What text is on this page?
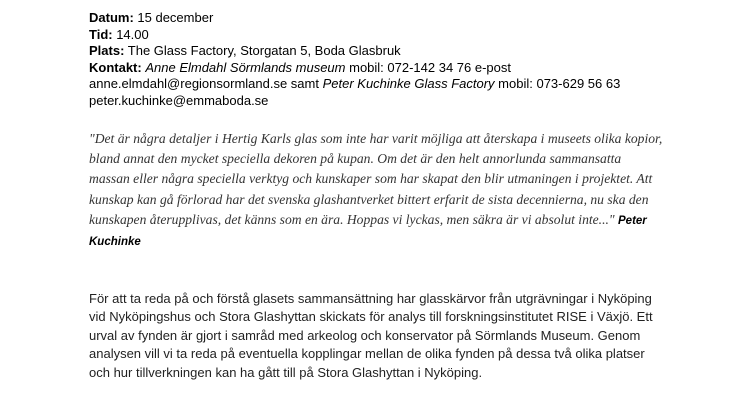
Datum: 15 december
Tid: 14.00
Plats: The Glass Factory, Storgatan 5, Boda Glasbruk
Kontakt: Anne Elmdahl Sörmlands museum mobil: 072-142 34 76 e-post
anne.elmdahl@regionsormland.se samt Peter Kuchinke Glass Factory mobil: 073-629 56 63
peter.kuchinke@emmaboda.se
"Det är några detaljer i Hertig Karls glas som inte har varit möjliga att återskapa i museets olika kopior, bland annat den mycket speciella dekoren på kupan. Om det är den helt annorlunda sammansatta massan eller några speciella verktyg och kunskaper som har skapat den blir utmaningen i projektet. Att kunskap kan gå förlorad har det svenska glashantverket bittert erfarit de sista decennierna, nu ska den kunskapen återupplivas, det känns som en ära. Hoppas vi lyckas, men säkra är vi absolut inte..." Peter Kuchinke
För att ta reda på och förstå glasets sammansättning har glasskärvor från utgrävningar i Nyköping vid Nyköpingshus och Stora Glashyttan skickats för analys till forskningsinstitutet RISE i Växjö. Ett urval av fynden är gjort i samråd med arkeolog och konservator på Sörmlands Museum. Genom analysen vill vi ta reda på eventuella kopplingar mellan de olika fynden på dessa två olika platser och hur tillverkningen kan ha gått till på Stora Glashyttan i Nyköping.
